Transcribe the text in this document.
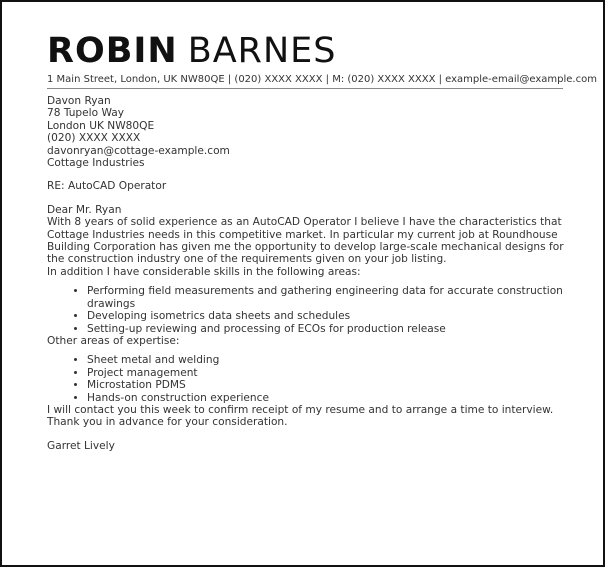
ROBIN BARNES
1 Main Street, London, UK NW80QE | (020) XXXX XXXX | M: (020) XXXX XXXX | example-email@example.com
Davon Ryan
78 Tupelo Way
London UK NW80QE
(020) XXXX XXXX
davonryan@cottage-example.com
Cottage Industries
RE: AutoCAD Operator
Dear Mr. Ryan

With 8 years of solid experience as an AutoCAD Operator I believe I have the characteristics that Cottage Industries needs in this competitive market. In particular my current job at Roundhouse Building Corporation has given me the opportunity to develop large-scale mechanical designs for the construction industry one of the requirements given on your job listing.

In addition I have considerable skills in the following areas:

• Performing field measurements and gathering engineering data for accurate construction drawings
• Developing isometrics data sheets and schedules
• Setting-up reviewing and processing of ECOs for production release

Other areas of expertise:

• Sheet metal and welding
• Project management
• Microstation PDMS
• Hands-on construction experience

I will contact you this week to confirm receipt of my resume and to arrange a time to interview.

Thank you in advance for your consideration.

Garret Lively
